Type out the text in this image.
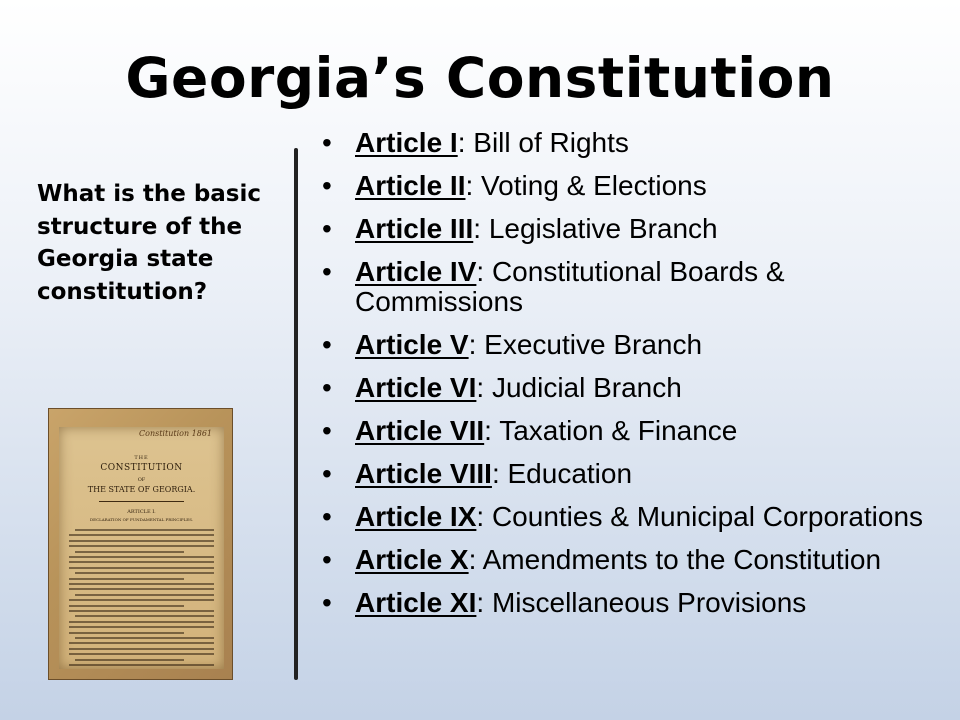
Georgia’s Constitution
What is the basic structure of the Georgia state constitution?
Constitution 1861
THE
CONSTITUTION
OF
THE STATE OF GEORGIA.
ARTICLE I.
DECLARATION OF FUNDAMENTAL PRINCIPLES.
• Article I: Bill of Rights
• Article II: Voting & Elections
• Article III: Legislative Branch
• Article IV: Constitutional Boards & Commissions
• Article V: Executive Branch
• Article VI: Judicial Branch
• Article VII: Taxation & Finance
• Article VIII: Education
• Article IX: Counties & Municipal Corporations
• Article X: Amendments to the Constitution
• Article XI: Miscellaneous Provisions
